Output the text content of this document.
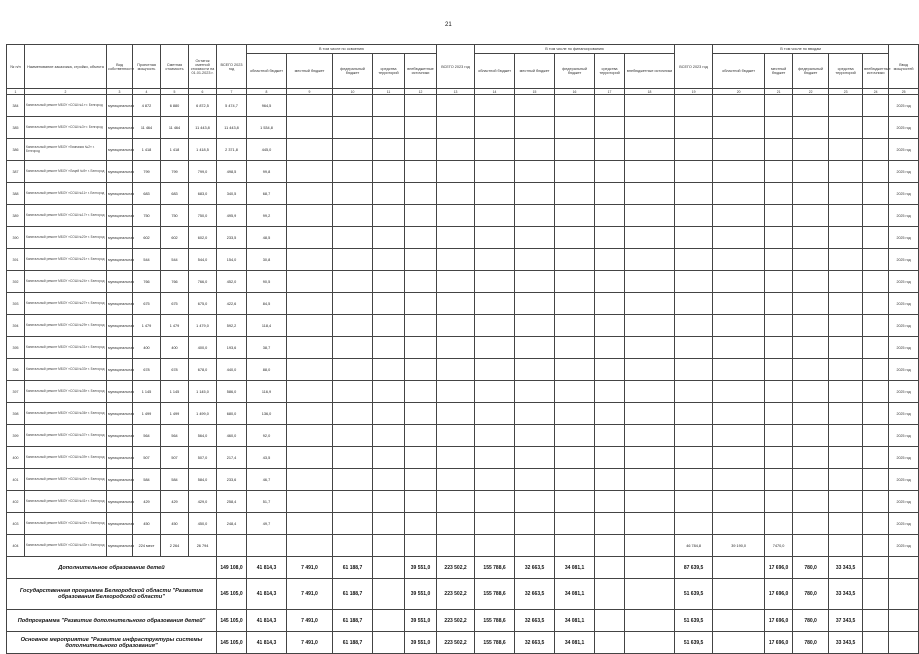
21
№ п/п	Наименование заказчика, стройки, объекта	Вид собственности	Проектная мощность	Сметная стоимость	Остаток сметной стоимости на 01.01.2023 г.	ВСЕГО 2023 год	В том числе по освоению					ВСЕГО 2023 год	В том числе по финансированию					ВСЕГО 2023 год	В том числе по вводам					Ввод мощностей
							областной бюджет	местный бюджет	федеральный бюджет	средства территорий	внебюджетные источники		областной бюджет	местный бюджет	федеральный бюджет	средства территорий	внебюджетные источники		областной бюджет	местный бюджет	федеральный бюджет	средства территорий	внебюджетные источники	
1	2	3	4	5	6	7	8	9	10	11	12	13	14	15	16	17	18	19	20	21	22	23	24	25
384	Капитальный ремонт МБОУ «СОШ №1» г. Белгород	муниципальная	4 872	6 880	6 872,5	5 474,7	964,5																	2025 год
385	Капитальный ремонт МБОУ «СОШ №3» г. Белгород	муниципальная	11 464	11 464	11 443,8	11 443,8	1 534,8																	2025 год
386	Капитальный ремонт МБОУ «Гимназия №2» г. Белгород	муниципальная	1 418	1 418	1 418,5	2 371,8	445,0																	2025 год
387	Капитальный ремонт МБОУ «Лицей №9» г. Белгород	муниципальная	799	799	799,0	498,5	99,8																	2025 год
388	Капитальный ремонт МБОУ «СОШ №11» г. Белгород	муниципальная	683	683	683,0	340,5	68,7																	2025 год
389	Капитальный ремонт МБОУ «СОШ №17» г. Белгород	муниципальная	750	750	750,0	495,9	99,2																	2025 год
390	Капитальный ремонт МБОУ «СОШ №20» г. Белгород	муниципальная	602	602	602,0	233,5	48,5																	2025 год
391	Капитальный ремонт МБОУ «СОШ №21» г. Белгород	муниципальная	544	544	544,0	154,0	30,8																	2025 год
392	Капитальный ремонт МБОУ «СОШ №24» г. Белгород	муниципальная	766	766	766,0	452,0	90,5																	2025 год
393	Капитальный ремонт МБОУ «СОШ №27» г. Белгород	муниципальная	675	675	675,0	422,6	84,5																	2025 год
394	Капитальный ремонт МБОУ «СОШ №29» г. Белгород	муниципальная	1 479	1 479	1 479,0	592,2	118,4																	2025 год
395	Капитальный ремонт МБОУ «СОШ №31» г. Белгород	муниципальная	400	400	400,0	193,6	38,7																	2025 год
396	Капитальный ремонт МБОУ «СОШ №33» г. Белгород	муниципальная	678	678	678,0	440,0	88,0																	2025 год
397	Капитальный ремонт МБОУ «СОШ №35» г. Белгород	муниципальная	1 145	1 145	1 145,0	586,0	116,9																	2025 год
398	Капитальный ремонт МБОУ «СОШ №36» г. Белгород	муниципальная	1 499	1 499	1 499,0	680,0	136,0																	2025 год
399	Капитальный ремонт МБОУ «СОШ №37» г. Белгород	муниципальная	564	564	564,0	460,0	92,0																	2025 год
400	Капитальный ремонт МБОУ «СОШ №39» г. Белгород	муниципальная	507	507	507,0	217,4	43,5																	2025 год
401	Капитальный ремонт МБОУ «СОШ №40» г. Белгород	муниципальная	584	584	584,0	233,6	46,7																	2025 год
402	Капитальный ремонт МБОУ «СОШ №41» г. Белгород	муниципальная	429	429	429,0	258,4	51,7																	2025 год
403	Капитальный ремонт МБОУ «СОШ №42» г. Белгород	муниципальная	450	450	450,0	248,4	49,7																	2025 год
404	Капитальный ремонт МБОУ «СОШ №43» г. Белгород	муниципальная	224 мест	2 264	26 794													46 784,8	39 190,0	7470,0				2025 год
Дополнительное образование детей						149 108,0	41 814,3	7 491,0	61 188,7		39 551,0	223 502,2	155 788,6	32 663,5	34 081,1			87 639,5		17 696,0	780,0	33 343,5		
Государственная программа Белгородской области "Развитие образования Белгородской области"						145 105,0	41 814,3	7 491,0	61 188,7		39 551,0	223 502,2	155 788,6	32 663,5	34 081,1			51 639,5		17 696,0	780,0	33 343,5		
Подпрограмма "Развитие дополнительного образования детей"						145 105,0	41 814,3	7 491,0	61 188,7		39 551,0	223 502,2	155 788,6	32 663,5	34 081,1			51 639,5		17 696,0	780,0	37 343,5		
Основное мероприятие "Развитие инфраструктуры системы дополнительного образования"						145 105,0	41 814,3	7 491,0	61 188,7		39 551,0	223 502,2	155 788,6	32 663,5	34 081,1			51 639,5		17 696,0	780,0	33 343,5		
